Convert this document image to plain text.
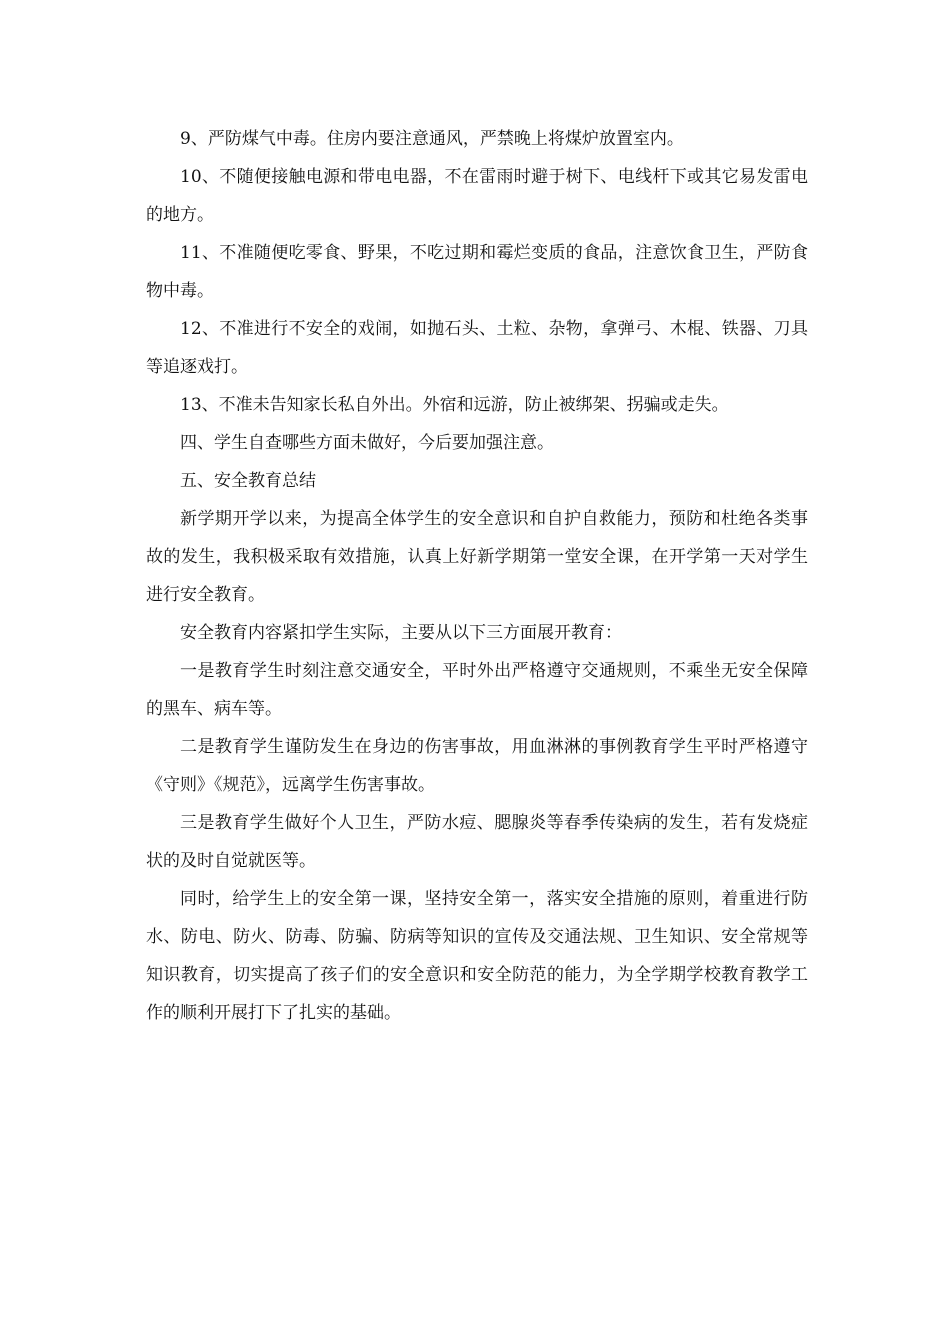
9、严防煤气中毒。住房内要注意通风，严禁晚上将煤炉放置室内。

10、不随便接触电源和带电电器，不在雷雨时避于树下、电线杆下或其它易发雷电的地方。

11、不准随便吃零食、野果，不吃过期和霉烂变质的食品，注意饮食卫生，严防食物中毒。

12、不准进行不安全的戏闹，如抛石头、土粒、杂物，拿弹弓、木棍、铁器、刀具等追逐戏打。

13、不准未告知家长私自外出。外宿和远游，防止被绑架、拐骗或走失。

四、学生自查哪些方面未做好，今后要加强注意。

五、安全教育总结

新学期开学以来，为提高全体学生的安全意识和自护自救能力，预防和杜绝各类事故的发生，我积极采取有效措施，认真上好新学期第一堂安全课，在开学第一天对学生进行安全教育。

安全教育内容紧扣学生实际，主要从以下三方面展开教育：

一是教育学生时刻注意交通安全，平时外出严格遵守交通规则，不乘坐无安全保障的黑车、病车等。

二是教育学生谨防发生在身边的伤害事故，用血淋淋的事例教育学生平时严格遵守《守则》《规范》，远离学生伤害事故。

三是教育学生做好个人卫生，严防水痘、腮腺炎等春季传染病的发生，若有发烧症状的及时自觉就医等。

同时，给学生上的安全第一课，坚持安全第一，落实安全措施的原则，着重进行防水、防电、防火、防毒、防骗、防病等知识的宣传及交通法规、卫生知识、安全常规等知识教育，切实提高了孩子们的安全意识和安全防范的能力，为全学期学校教育教学工作的顺利开展打下了扎实的基础。
